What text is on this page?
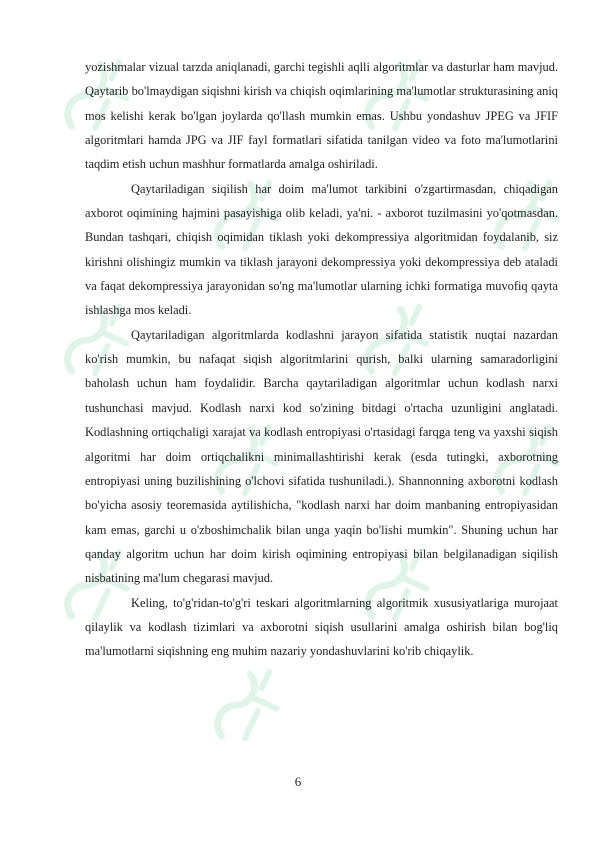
yozishmalar vizual tarzda aniqlanadi, garchi tegishli aqlli algoritmlar va dasturlar ham mavjud. Qaytarib bo'lmaydigan siqishni kirish va chiqish oqimlarining ma'lumotlar strukturasining aniq mos kelishi kerak bo'lgan joylarda qo'llash mumkin emas. Ushbu yondashuv JPEG va JFIF algoritmlari hamda JPG va JIF fayl formatlari sifatida tanilgan video va foto ma'lumotlarini taqdim etish uchun mashhur formatlarda amalga oshiriladi.

Qaytariladigan siqilish har doim ma'lumot tarkibini o'zgartirmasdan, chiqadigan axborot oqimining hajmini pasayishiga olib keladi, ya'ni. - axborot tuzilmasini yo'qotmasdan. Bundan tashqari, chiqish oqimidan tiklash yoki dekompressiya algoritmidan foydalanib, siz kirishni olishingiz mumkin va tiklash jarayoni dekompressiya yoki dekompressiya deb ataladi va faqat dekompressiya jarayonidan so'ng ma'lumotlar ularning ichki formatiga muvofiq qayta ishlashga mos keladi.

Qaytariladigan algoritmlarda kodlashni jarayon sifatida statistik nuqtai nazardan ko'rish mumkin, bu nafaqat siqish algoritmlarini qurish, balki ularning samaradorligini baholash uchun ham foydalidir. Barcha qaytariladigan algoritmlar uchun kodlash narxi tushunchasi mavjud. Kodlash narxi kod so'zining bitdagi o'rtacha uzunligini anglatadi. Kodlashning ortiqchaligi xarajat va kodlash entropiyasi o'rtasidagi farqga teng va yaxshi siqish algoritmi har doim ortiqchalikni minimallashtirishi kerak (esda tutingki, axborotning entropiyasi uning buzilishining o'lchovi sifatida tushuniladi.). Shannonning axborotni kodlash bo'yicha asosiy teoremasida aytilishicha, "kodlash narxi har doim manbaning entropiyasidan kam emas, garchi u o'zboshimchalik bilan unga yaqin bo'lishi mumkin". Shuning uchun har qanday algoritm uchun har doim kirish oqimining entropiyasi bilan belgilanadigan siqilish nisbatining ma'lum chegarasi mavjud.

Keling, to'g'ridan-to'g'ri teskari algoritmlarning algoritmik xususiyatlariga murojaat qilaylik va kodlash tizimlari va axborotni siqish usullarini amalga oshirish bilan bog'liq ma'lumotlarni siqishning eng muhim nazariy yondashuvlarini ko'rib chiqaylik.

6
